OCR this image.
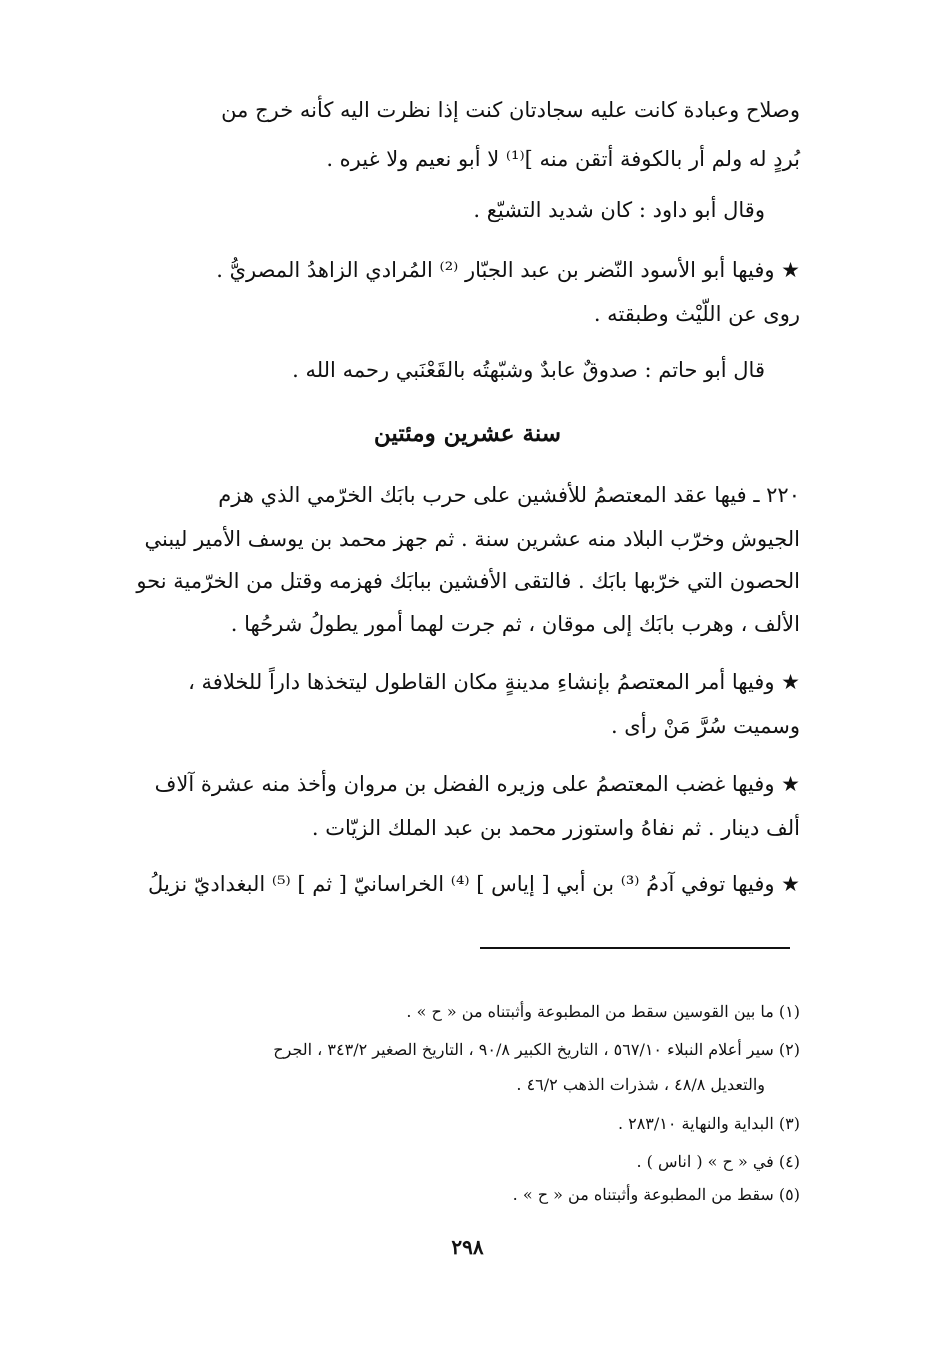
وصلاح وعبادة كانت عليه سجادتان كنت إذا نظرت اليه كأنه خرج من
بُردٍ له ولم أر بالكوفة أتقن منه ]⁽¹⁾ لا أبو نعيم ولا غيره .
وقال أبو داود : كان شديد التشيّع .
★ وفيها أبو الأسود النّضر بن عبد الجبّار ⁽²⁾ المُرادي الزاهدُ المصريُّ .
روى عن اللّيْث وطبقته .
قال أبو حاتم : صدوقٌ عابدٌ وشبّهتُه بالقَعْنَبي رحمه الله .
سنة عشرين ومئتين
٢٢٠ ـ فيها عقد المعتصمُ للأفشين على حرب بابَك الخرّمي الذي هزم
الجيوش وخرّب البلاد منه عشرين سنة . ثم جهز محمد بن يوسف الأمير ليبني
الحصون التي خرّبها بابَك . فالتقى الأفشين ببابَك فهزمه وقتل من الخرّمية نحو
الألف ، وهرب بابَك إلى موقان ، ثم جرت لهما أمور يطولُ شرحُها .
★ وفيها أمر المعتصمُ بإنشاءِ مدينةٍ مكان القاطول ليتخذها داراً للخلافة ،
وسميت سُرَّ مَنْ رأى .
★ وفيها غضب المعتصمُ على وزيره الفضل بن مروان وأخذ منه عشرة آلاف
ألف دينار . ثم نفاهُ واستوزر محمد بن عبد الملك الزيّات .
★ وفيها توفي آدمُ ⁽³⁾ بن أبي [ إياس ] ⁽⁴⁾ الخراسانيّ [ ثم ] ⁽⁵⁾ البغداديّ نزيلُ
(١) ما بين القوسين سقط من المطبوعة وأثبتناه من « ح » .
(٢) سير أعلام النبلاء ٥٦٧/١٠ ، التاريخ الكبير ٩٠/٨ ، التاريخ الصغير ٣٤٣/٢ ، الجرح
والتعديل ٤٨/٨ ، شذرات الذهب ٤٦/٢ .
(٣) البداية والنهاية ٢٨٣/١٠ .
(٤) في « ح » ( اناس ) .
(٥) سقط من المطبوعة وأثبتناه من « ح » .
٢٩٨
